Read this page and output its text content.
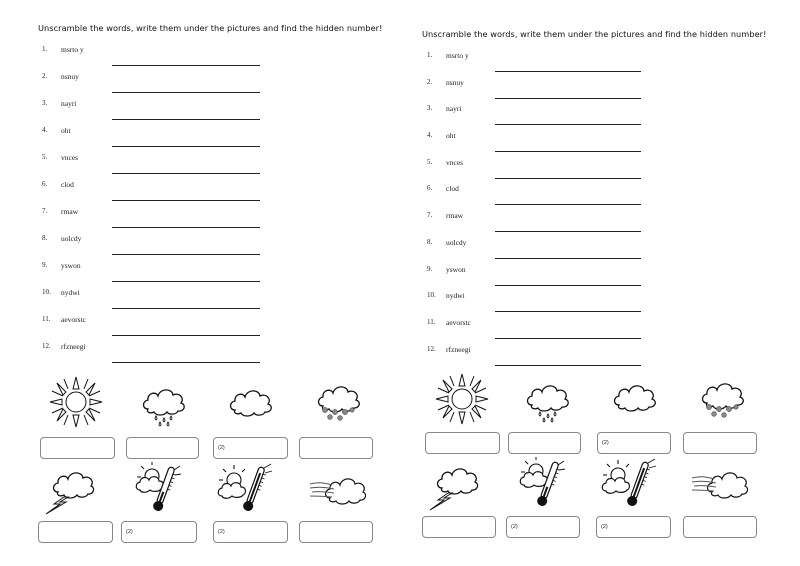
Unscramble the words, write them under the pictures and find the hidden number!
1. msrto y
2. nsnuy
3. nayri
4. oht
5. vnces
6. clod
7. rmaw
8. uolcdy
9. yswon
10. nydwi
11. aevorstc
12. rfzneegi
(2)
(2)	(2)
Unscramble the words, write them under the pictures and find the hidden number!
1. msrto y
2. nsnuy
3. nayri
4. oht
5. vnces
6. clod
7. rmaw
8. uolcdy
9. yswon
10. nydwi
11. aevorstc
12. rfzneegi
(2)
(2)	(2)
